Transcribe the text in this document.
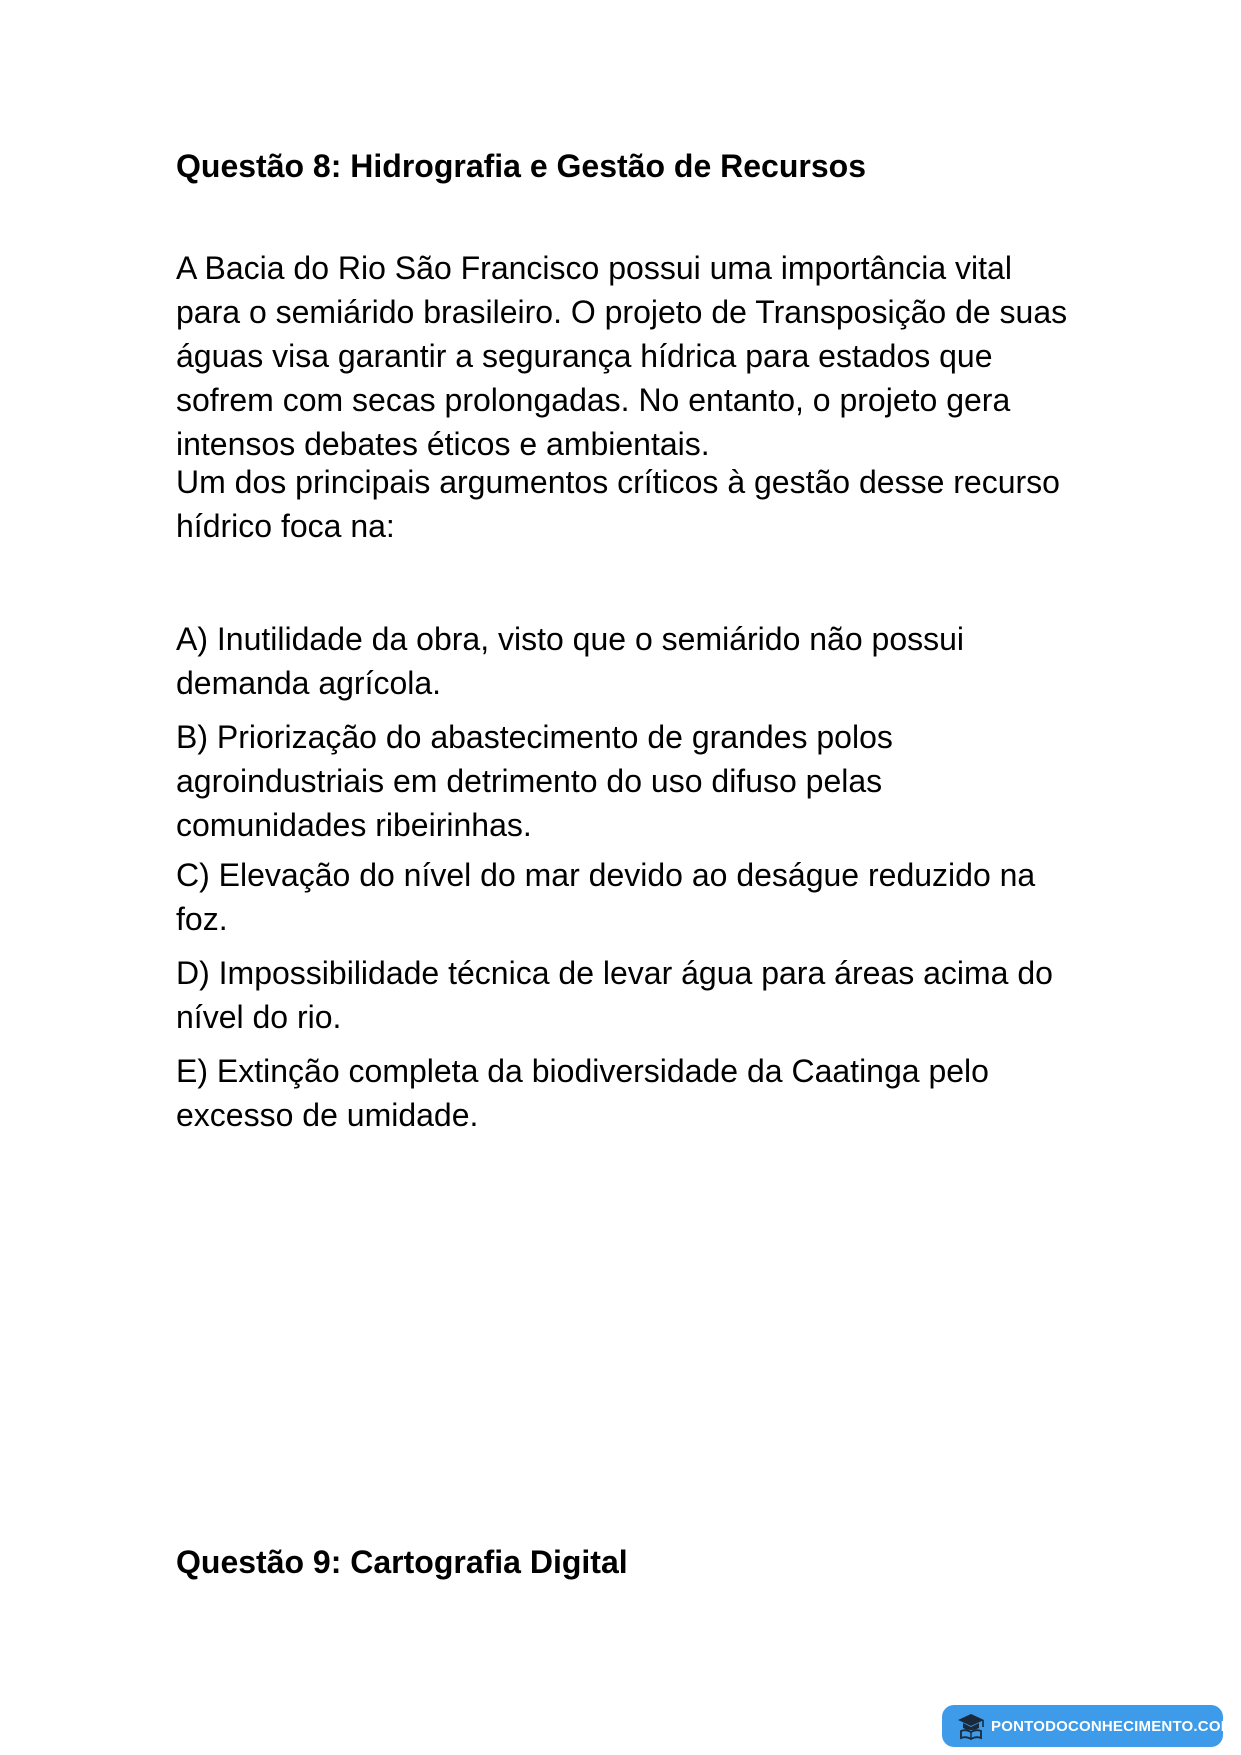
Questão 8: Hidrografia e Gestão de Recursos

A Bacia do Rio São Francisco possui uma importância vital para o semiárido brasileiro. O projeto de Transposição de suas águas visa garantir a segurança hídrica para estados que sofrem com secas prolongadas. No entanto, o projeto gera intensos debates éticos e ambientais.

Um dos principais argumentos críticos à gestão desse recurso hídrico foca na:

A) Inutilidade da obra, visto que o semiárido não possui demanda agrícola.

B) Priorização do abastecimento de grandes polos agroindustriais em detrimento do uso difuso pelas comunidades ribeirinhas.

C) Elevação do nível do mar devido ao deságue reduzido na foz.

D) Impossibilidade técnica de levar água para áreas acima do nível do rio.

E) Extinção completa da biodiversidade da Caatinga pelo excesso de umidade.

Questão 9: Cartografia Digital
PONTODOCONHECIMENTO.COM
